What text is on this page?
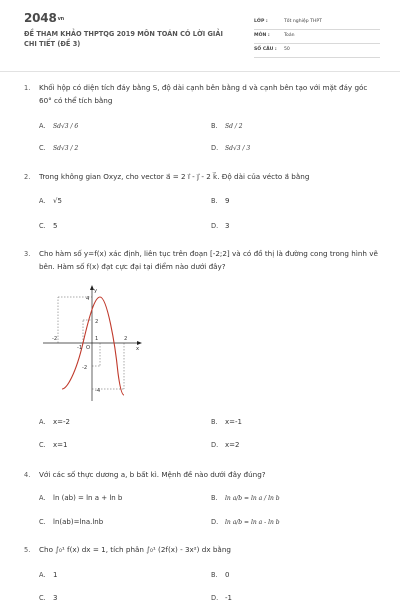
2048vn
ĐỀ THAM KHẢO THPTQG 2019 MÔN TOÁN CÓ LỜI GIẢI CHI TIẾT (ĐỀ 3)
LỚP :	Tốt nghiệp THPT
MÔN :	Toán
SỐ CÂU : 50
1. Khối hộp có diện tích đáy bằng S, độ dài cạnh bên bằng d và cạnh bên tạo với mặt đáy góc 60° có thể tích bằng
A. Sd√3 / 6	B. Sd / 2
C. Sd√3 / 2	D. Sd√3 / 3
2. Trong không gian Oxyz, cho vector a⃗ = 2 i⃗ - j⃗ - 2 k⃗. Độ dài của vécto a⃗ bằng
A. √5	B. 9
C. 5	D. 3
3. Cho hàm số y=f(x) xác định, liên tục trên đoạn [-2;2] và có đồ thị là đường cong trong hình vẽ bên. Hàm số f(x) đạt cực đại tại điểm nào dưới đây?
A. x=-2	B. x=-1
C. x=1	D. x=2
y
x
O
4
2
1
-2
-1
-2
-4
2
4. Với các số thực dương a, b bất kì. Mệnh đề nào dưới đây đúng?
A. ln (ab) = ln a + ln b	B. ln a/b = ln a / ln b
C. ln(ab)=lna.lnb	D. ln a/b = ln a - ln b
5. Cho ∫₀¹ f(x) dx = 1, tích phân ∫₀¹ (2f(x) - 3x²) dx bằng
A. 1	B. 0
C. 3	D. -1
